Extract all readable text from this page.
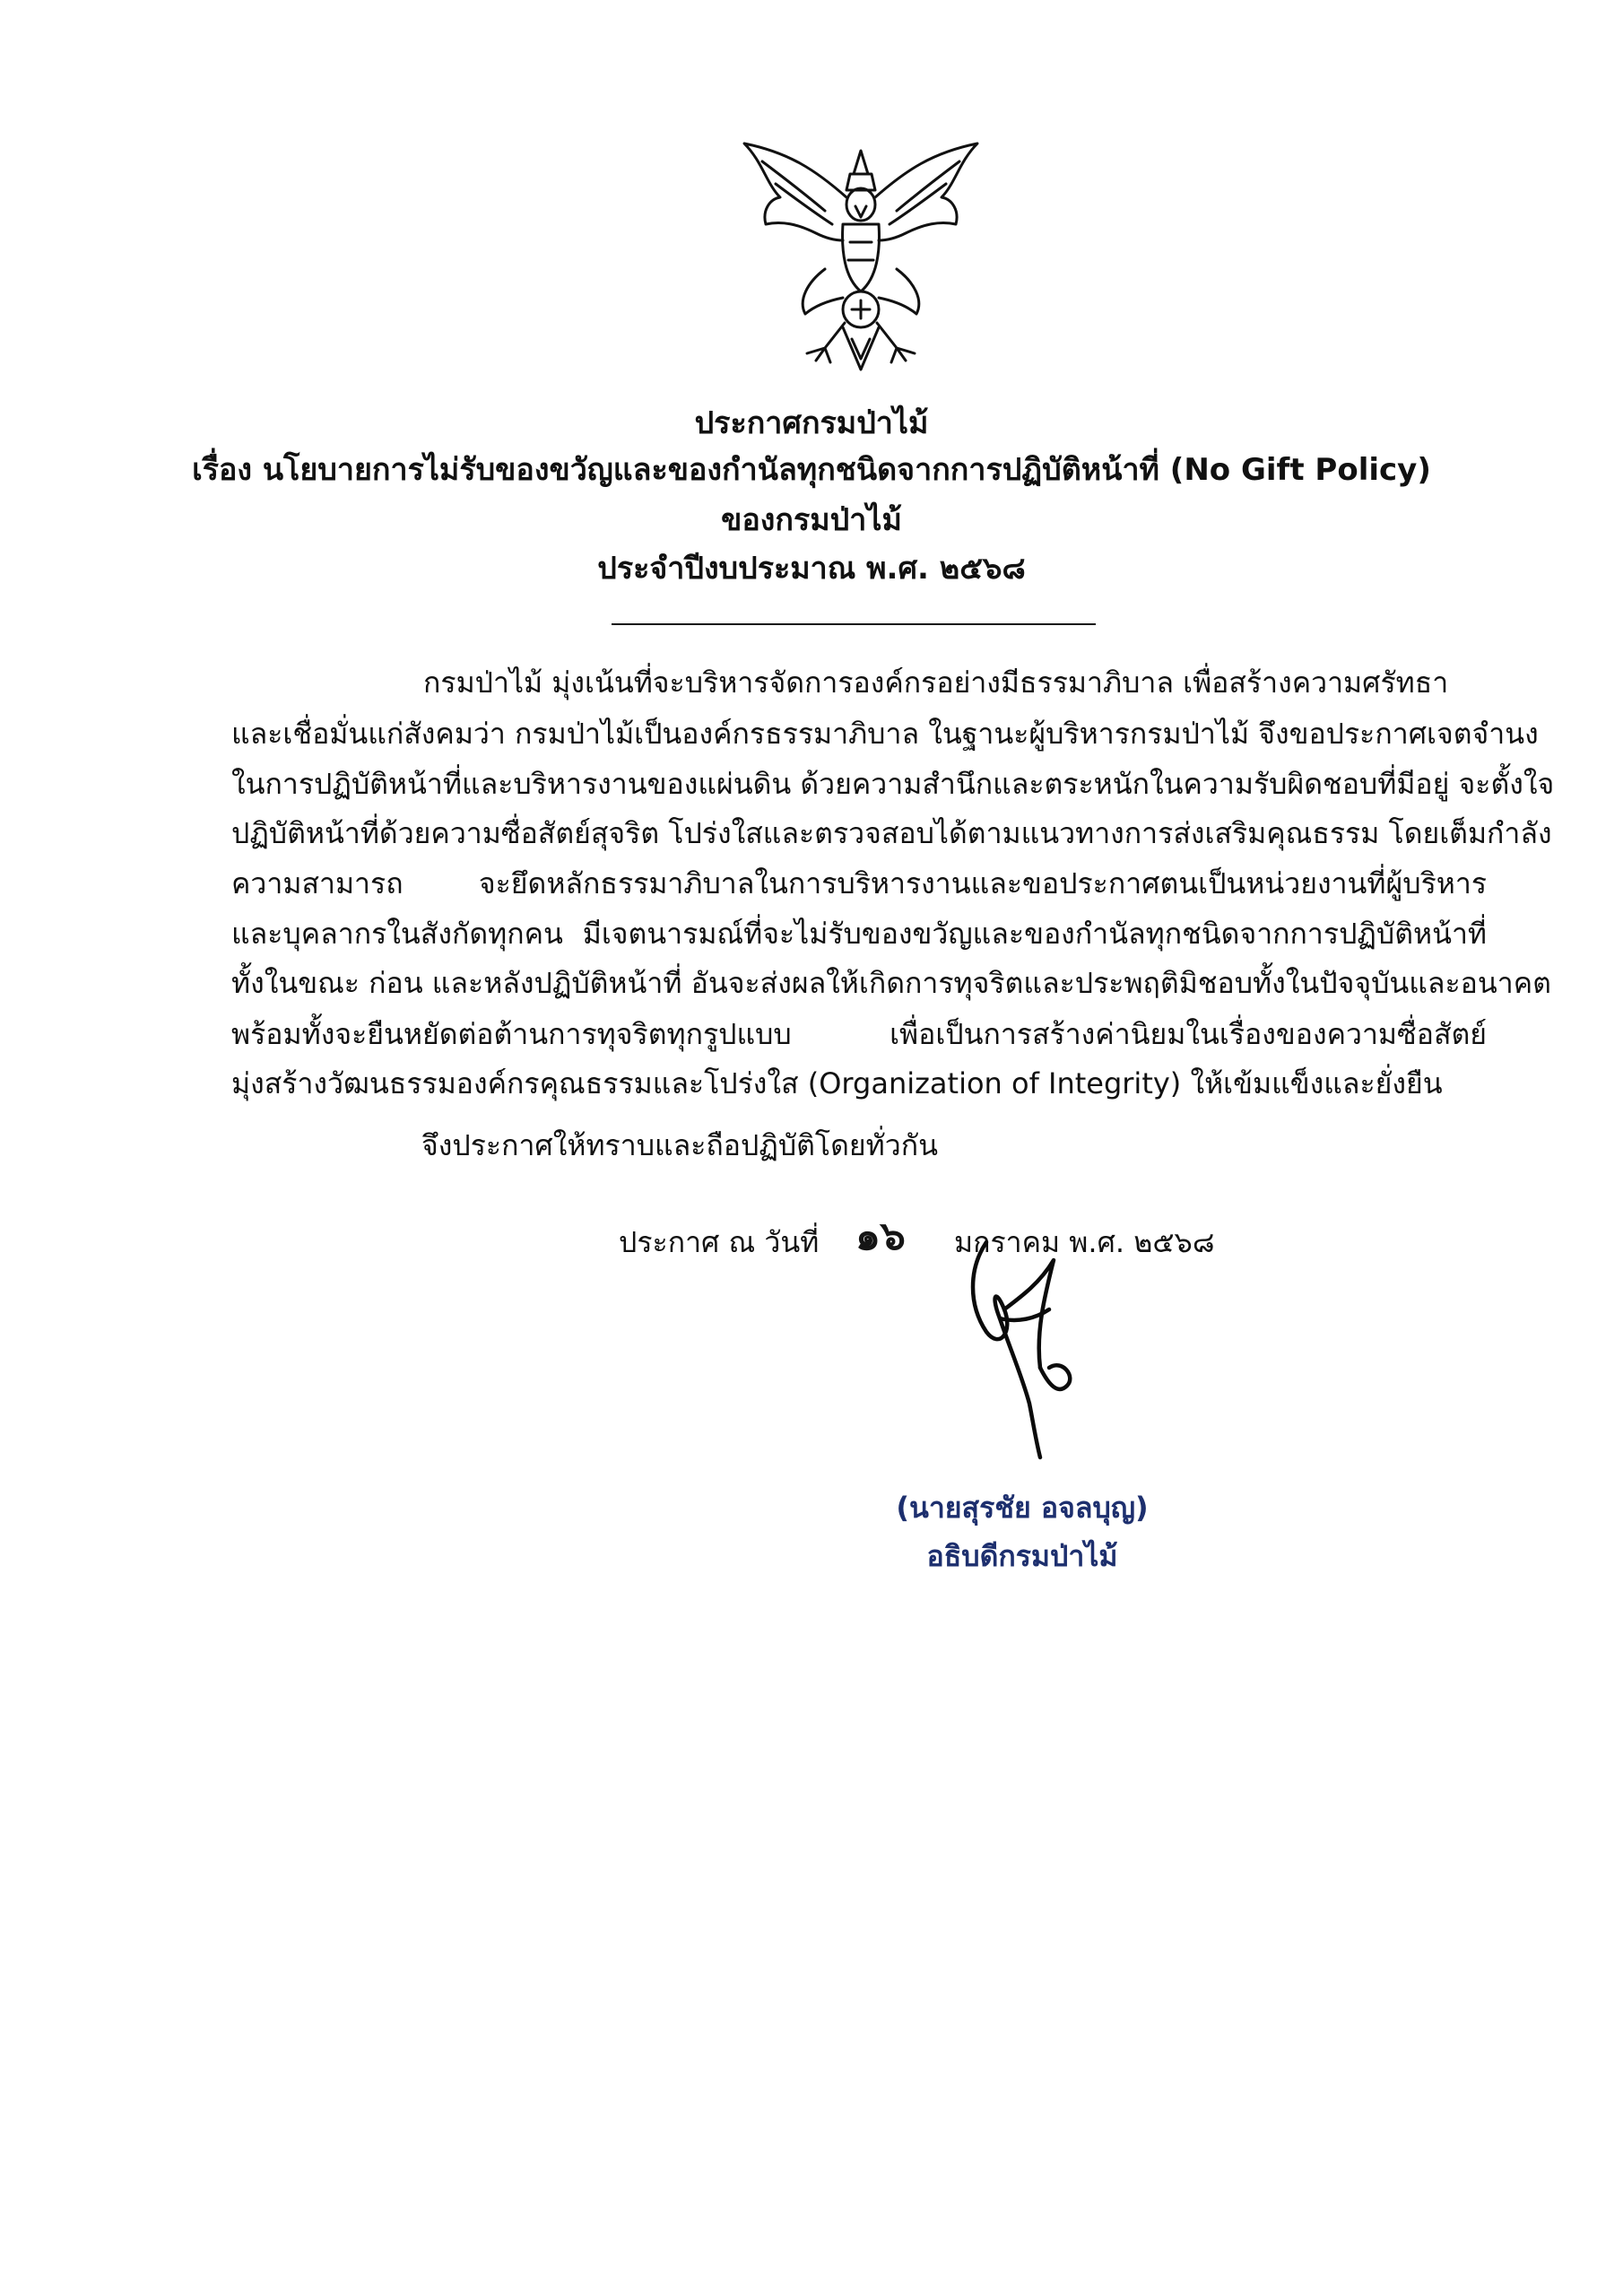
ประกาศกรมป่าไม้
เรื่อง นโยบายการไม่รับของขวัญและของกำนัลทุกชนิดจากการปฏิบัติหน้าที่ (No Gift Policy)
ของกรมป่าไม้
ประจำปีงบประมาณ พ.ศ. ๒๕๖๘
กรมป่าไม้ มุ่งเน้นที่จะบริหารจัดการองค์กรอย่างมีธรรมาภิบาล เพื่อสร้างความศรัทธา
และเชื่อมั่นแก่สังคมว่า กรมป่าไม้เป็นองค์กรธรรมาภิบาล ในฐานะผู้บริหารกรมป่าไม้ จึงขอประกาศเจตจำนง
ในการปฏิบัติหน้าที่และบริหารงานของแผ่นดิน ด้วยความสำนึกและตระหนักในความรับผิดชอบที่มีอยู่ จะตั้งใจ
ปฏิบัติหน้าที่ด้วยความซื่อสัตย์สุจริต โปร่งใสและตรวจสอบได้ตามแนวทางการส่งเสริมคุณธรรม โดยเต็มกำลัง
ความสามารถ จะยึดหลักธรรมาภิบาลในการบริหารงานและขอประกาศตนเป็นหน่วยงานที่ผู้บริหาร
และบุคลากรในสังกัดทุกคน มีเจตนารมณ์ที่จะไม่รับของขวัญและของกำนัลทุกชนิดจากการปฏิบัติหน้าที่
ทั้งในขณะ ก่อน และหลังปฏิบัติหน้าที่ อันจะส่งผลให้เกิดการทุจริตและประพฤติมิชอบทั้งในปัจจุบันและอนาคต
พร้อมทั้งจะยืนหยัดต่อต้านการทุจริตทุกรูปแบบ เพื่อเป็นการสร้างค่านิยมในเรื่องของความซื่อสัตย์
มุ่งสร้างวัฒนธรรมองค์กรคุณธรรมและโปร่งใส (Organization of Integrity) ให้เข้มแข็งและยั่งยืน
จึงประกาศให้ทราบและถือปฏิบัติโดยทั่วกัน
ประกาศ ณ วันที่ ๑๖ มกราคม พ.ศ. ๒๕๖๘
(นายสุรชัย อจลบุญ)
อธิบดีกรมป่าไม้
